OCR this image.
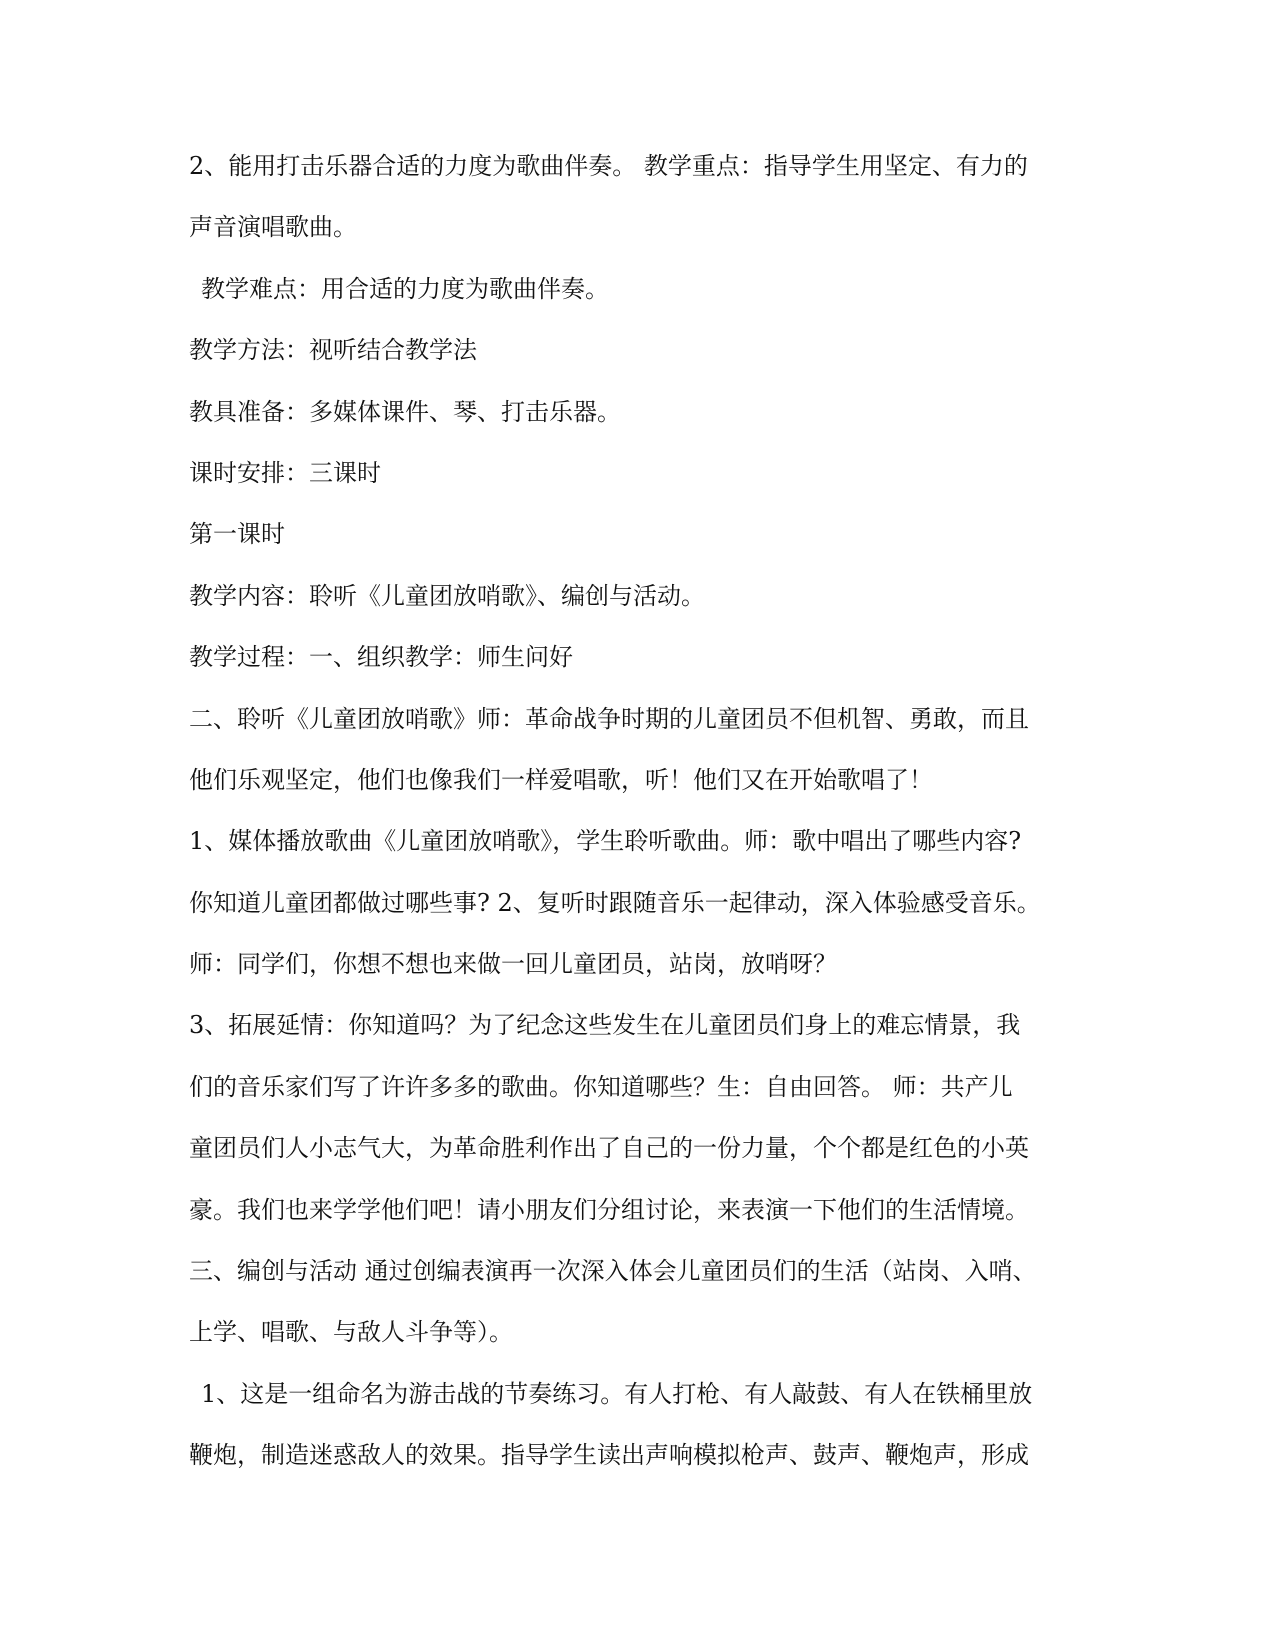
2、能用打击乐器合适的力度为歌曲伴奏。 教学重点：指导学生用坚定、有力的
声音演唱歌曲。
教学难点：用合适的力度为歌曲伴奏。
教学方法：视听结合教学法
教具准备：多媒体课件、琴、打击乐器。
课时安排：三课时
第一课时
教学内容：聆听《儿童团放哨歌》、编创与活动。
教学过程：一、组织教学：师生问好
二、聆听《儿童团放哨歌》师：革命战争时期的儿童团员不但机智、勇敢，而且
他们乐观坚定，他们也像我们一样爱唱歌，听！他们又在开始歌唱了！
1、媒体播放歌曲《儿童团放哨歌》，学生聆听歌曲。师：歌中唱出了哪些内容?
你知道儿童团都做过哪些事? 2、复听时跟随音乐一起律动，深入体验感受音乐。
师：同学们，你想不想也来做一回儿童团员，站岗，放哨呀？
3、拓展延情：你知道吗？为了纪念这些发生在儿童团员们身上的难忘情景，我
们的音乐家们写了许许多多的歌曲。你知道哪些？生：自由回答。 师：共产儿
童团员们人小志气大，为革命胜利作出了自己的一份力量，个个都是红色的小英
豪。我们也来学学他们吧！请小朋友们分组讨论，来表演一下他们的生活情境。
三、编创与活动 通过创编表演再一次深入体会儿童团员们的生活（站岗、入哨、
上学、唱歌、与敌人斗争等）。
1、这是一组命名为游击战的节奏练习。有人打枪、有人敲鼓、有人在铁桶里放
鞭炮，制造迷惑敌人的效果。指导学生读出声响模拟枪声、鼓声、鞭炮声，形成
